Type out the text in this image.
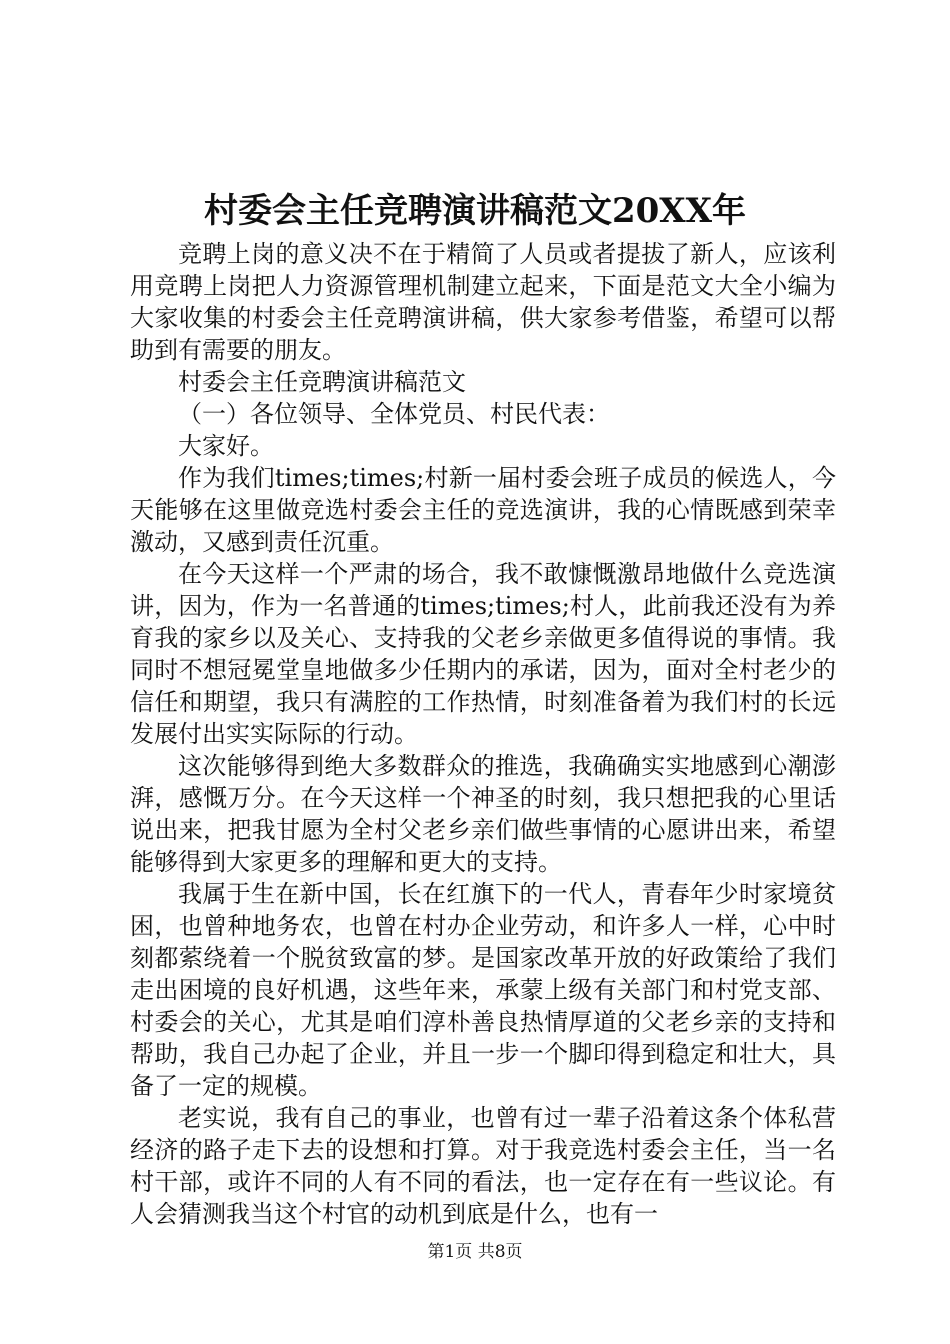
村委会主任竞聘演讲稿范文20XX年

竞聘上岗的意义决不在于精简了人员或者提拔了新人，应该利用竞聘上岗把人力资源管理机制建立起来，下面是范文大全小编为大家收集的村委会主任竞聘演讲稿，供大家参考借鉴，希望可以帮助到有需要的朋友。

村委会主任竞聘演讲稿范文

（一）各位领导、全体党员、村民代表：

大家好。

作为我们times;times;村新一届村委会班子成员的候选人，今天能够在这里做竞选村委会主任的竞选演讲，我的心情既感到荣幸激动，又感到责任沉重。

在今天这样一个严肃的场合，我不敢慷慨激昂地做什么竞选演讲，因为，作为一名普通的times;times;村人，此前我还没有为养育我的家乡以及关心、支持我的父老乡亲做更多值得说的事情。我同时不想冠冕堂皇地做多少任期内的承诺，因为，面对全村老少的信任和期望，我只有满腔的工作热情，时刻准备着为我们村的长远发展付出实实际际的行动。

这次能够得到绝大多数群众的推选，我确确实实地感到心潮澎湃，感慨万分。在今天这样一个神圣的时刻，我只想把我的心里话说出来，把我甘愿为全村父老乡亲们做些事情的心愿讲出来，希望能够得到大家更多的理解和更大的支持。

我属于生在新中国，长在红旗下的一代人，青春年少时家境贫困，也曾种地务农，也曾在村办企业劳动，和许多人一样，心中时刻都萦绕着一个脱贫致富的梦。是国家改革开放的好政策给了我们走出困境的良好机遇，这些年来，承蒙上级有关部门和村党支部、村委会的关心，尤其是咱们淳朴善良热情厚道的父老乡亲的支持和帮助，我自己办起了企业，并且一步一个脚印得到稳定和壮大，具备了一定的规模。

老实说，我有自己的事业，也曾有过一辈子沿着这条个体私营经济的路子走下去的设想和打算。对于我竞选村委会主任，当一名村干部，或许不同的人有不同的看法，也一定存在有一些议论。有人会猜测我当这个村官的动机到底是什么，也有一

第1页 共8页
